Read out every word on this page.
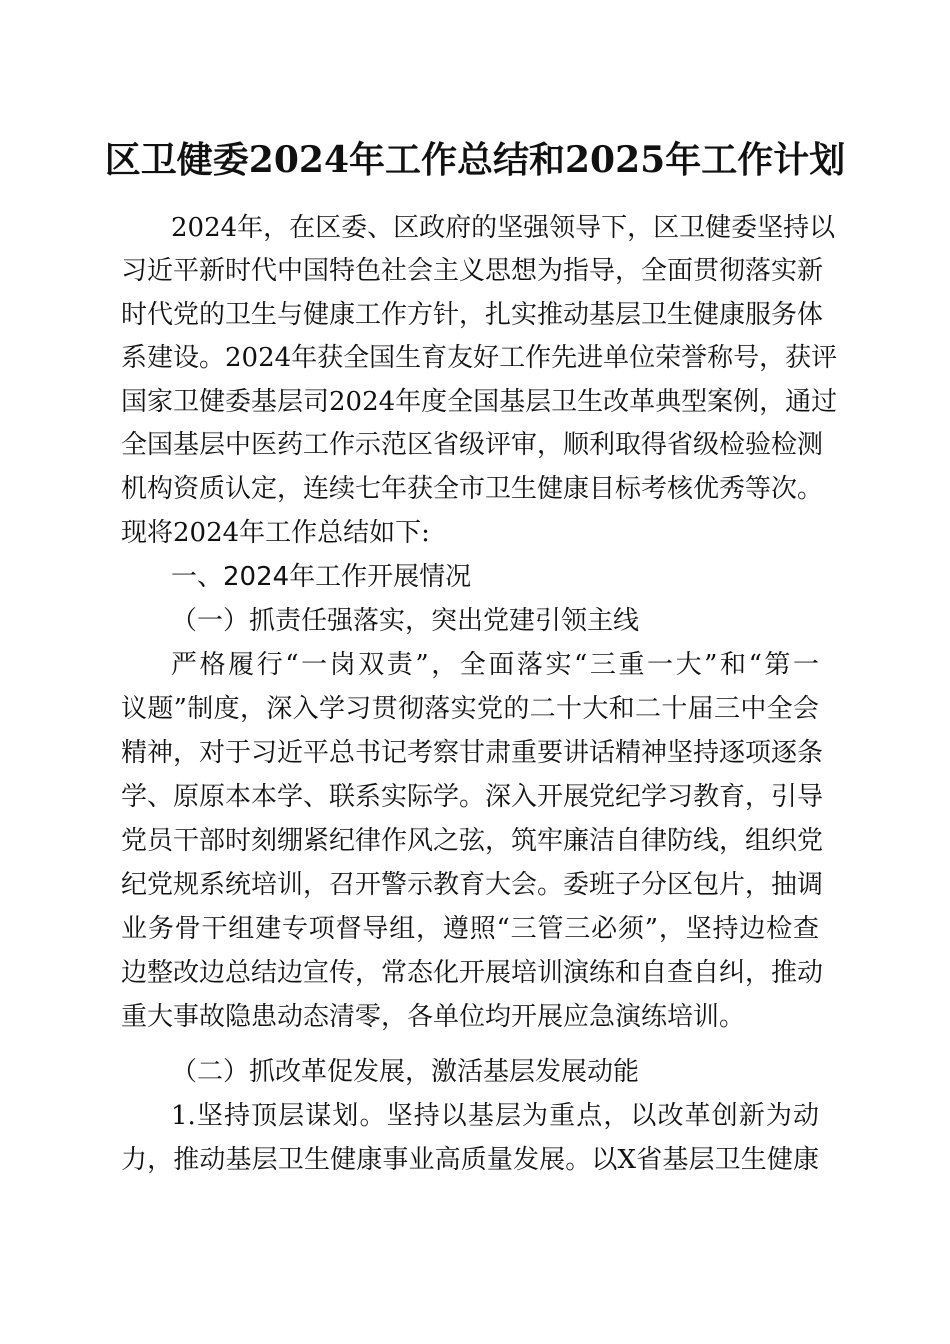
区卫健委2024年工作总结和2025年工作计划

2024年，在区委、区政府的坚强领导下，区卫健委坚持以

习近平新时代中国特色社会主义思想为指导，全面贯彻落实新

时代党的卫生与健康工作方针，扎实推动基层卫生健康服务体

系建设。2024年获全国生育友好工作先进单位荣誉称号，获评

国家卫健委基层司2024年度全国基层卫生改革典型案例，通过

全国基层中医药工作示范区省级评审，顺利取得省级检验检测

机构资质认定，连续七年获全市卫生健康目标考核优秀等次。

现将2024年工作总结如下:

一、2024年工作开展情况

（一）抓责任强落实，突出党建引领主线

严格履行“一岗双责”，全面落实“三重一大”和“第一

议题”制度，深入学习贯彻落实党的二十大和二十届三中全会

精神，对于习近平总书记考察甘肃重要讲话精神坚持逐项逐条

学、原原本本学、联系实际学。深入开展党纪学习教育，引导

党员干部时刻绷紧纪律作风之弦，筑牢廉洁自律防线，组织党

纪党规系统培训，召开警示教育大会。委班子分区包片，抽调

业务骨干组建专项督导组，遵照“三管三必须”，坚持边检查

边整改边总结边宣传，常态化开展培训演练和自查自纠，推动

重大事故隐患动态清零，各单位均开展应急演练培训。

（二）抓改革促发展，激活基层发展动能

1.坚持顶层谋划。坚持以基层为重点，以改革创新为动

力，推动基层卫生健康事业高质量发展。以X省基层卫生健康
